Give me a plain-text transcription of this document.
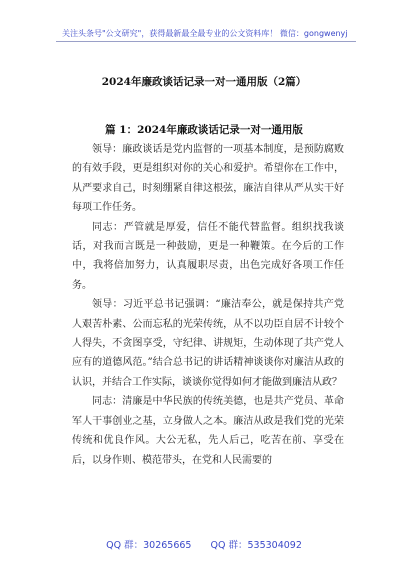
关注头条号"公文研究"，获得最新最全最专业的公文资料库！ 微信：gongwenyj
2024年廉政谈话记录一对一通用版（2篇）
篇 1：2024年廉政谈话记录一对一通用版

领导：廉政谈话是党内监督的一项基本制度，是预防腐败的有效手段，更是组织对你的关心和爱护。希望你在工作中，从严要求自己，时刻绷紧自律这根弦，廉洁自律从严从实干好每项工作任务。

同志：严管就是厚爱，信任不能代替监督。组织找我谈话，对我而言既是一种鼓励，更是一种鞭策。在今后的工作中，我将倍加努力，认真履职尽责，出色完成好各项工作任务。

领导：习近平总书记强调：“廉洁奉公，就是保持共产党人艰苦朴素、公而忘私的光荣传统，从不以功臣自居不计较个人得失，不贪图享受，守纪律、讲规矩，生动体现了共产党人应有的道德风范。”结合总书记的讲话精神谈谈你对廉洁从政的认识，并结合工作实际，谈谈你觉得如何才能做到廉洁从政？

同志：清廉是中华民族的传统美德，也是共产党员、革命军人干事创业之基，立身做人之本。廉洁从政是我们党的光荣传统和优良作风。大公无私，先人后己，吃苦在前、享受在后，以身作则、模范带头，在党和人民需要的

QQ 群：30265665 QQ 群：535304092
